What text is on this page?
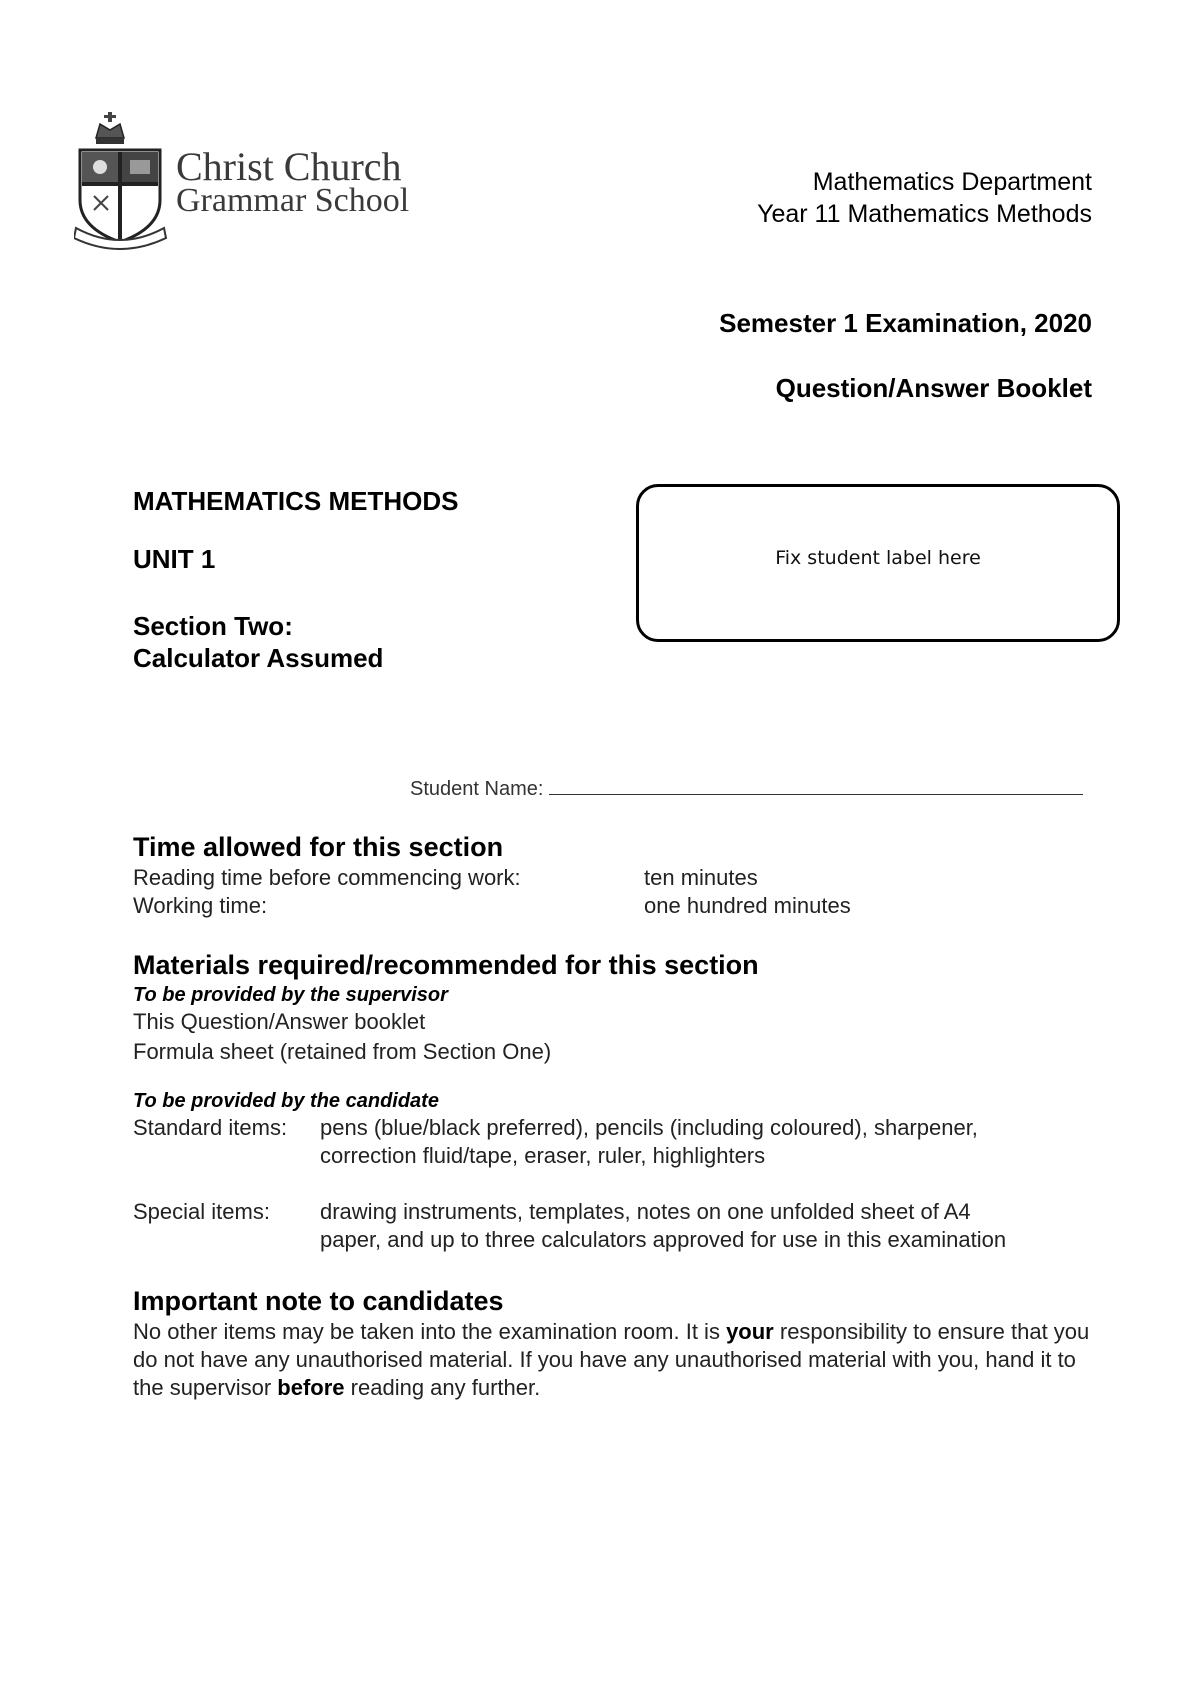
Christ Church
Grammar School	Mathematics Department
Year 11 Mathematics Methods
Semester 1 Examination, 2020
Question/Answer Booklet
MATHEMATICS METHODS
UNIT 1
Section Two:
Calculator Assumed
Fix student label here
Student Name:
Time allowed for this section
Reading time before commencing work:	ten minutes
Working time:	one hundred minutes
Materials required/recommended for this section
To be provided by the supervisor
This Question/Answer booklet
Formula sheet (retained from Section One)
To be provided by the candidate
Standard items: pens (blue/black preferred), pencils (including coloured), sharpener,
correction fluid/tape, eraser, ruler, highlighters
Special items: drawing instruments, templates, notes on one unfolded sheet of A4
paper, and up to three calculators approved for use in this examination
Important note to candidates
No other items may be taken into the examination room. It is your responsibility to ensure that you do not have any unauthorised material. If you have any unauthorised material with you, hand it to the supervisor before reading any further.
